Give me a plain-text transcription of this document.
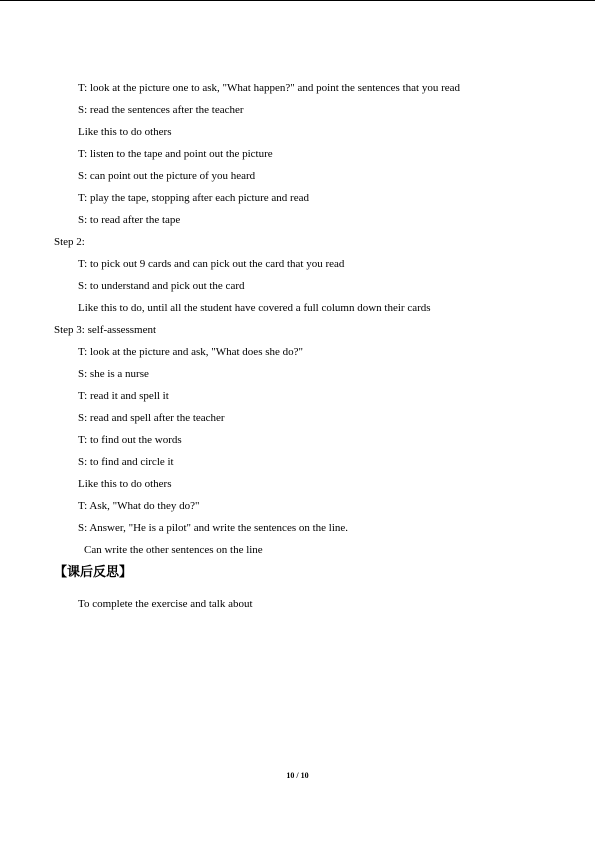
T: look at the picture one to ask, "What happen?" and point the sentences that you read
S: read the sentences after the teacher
Like this to do others
T: listen to the tape and point out the picture
S: can point out the picture of you heard
T: play the tape, stopping after each picture and read
S: to read after the tape
Step 2:
T: to pick out 9 cards and can pick out the card that you read
S: to understand and pick out the card
Like this to do, until all the student have covered a full column down their cards
Step 3: self-assessment
T: look at the picture and ask, "What does she do?"
S: she is a nurse
T: read it and spell it
S: read and spell after the teacher
T: to find out the words
S: to find and circle it
Like this to do others
T: Ask, "What do they do?"
S: Answer, "He is a pilot" and write the sentences on the line.
Can write the other sentences on the line
【课后反思】
To complete the exercise and talk about
10 / 10
